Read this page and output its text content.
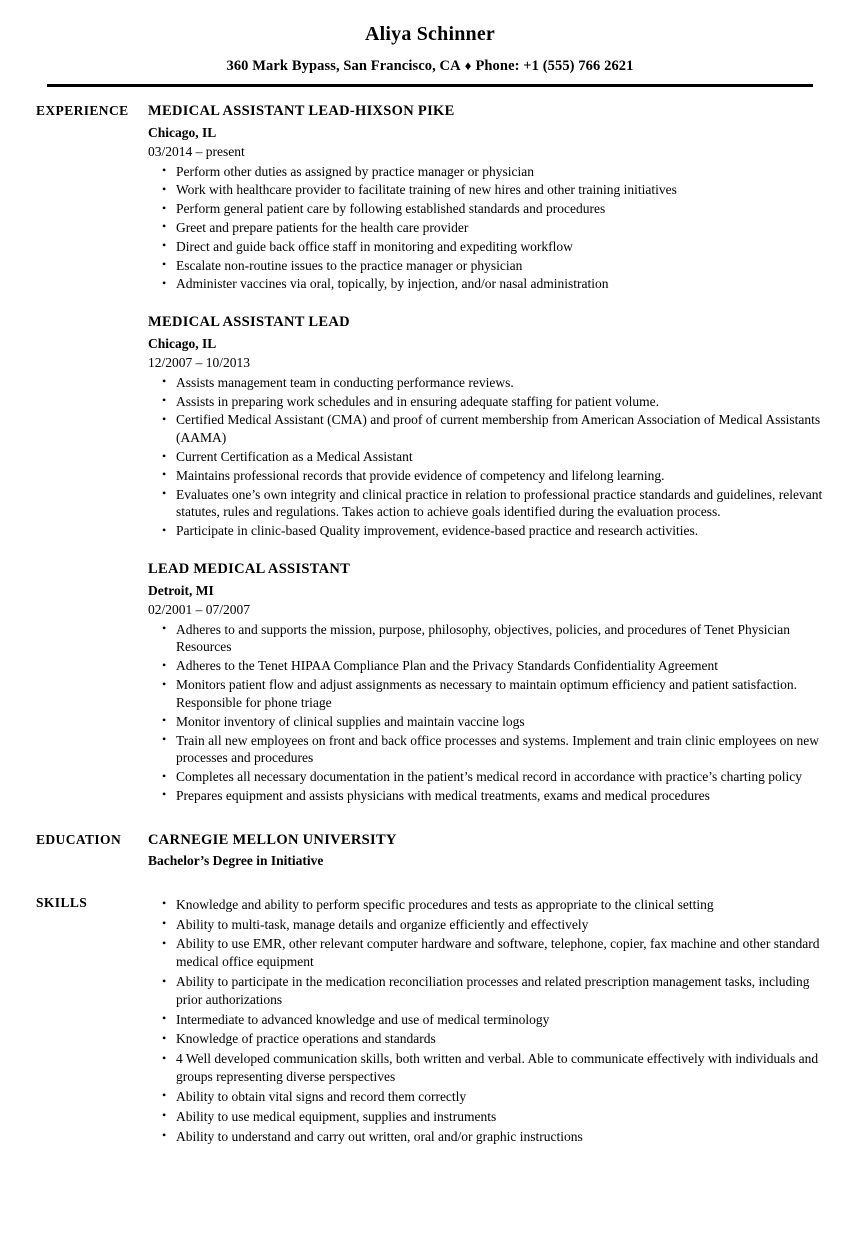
Aliya Schinner
360 Mark Bypass, San Francisco, CA ♦ Phone: +1 (555) 766 2621
EXPERIENCE	MEDICAL ASSISTANT LEAD-HIXSON PIKE
Chicago, IL
03/2014 – present
• Perform other duties as assigned by practice manager or physician
• Work with healthcare provider to facilitate training of new hires and other training initiatives
• Perform general patient care by following established standards and procedures
• Greet and prepare patients for the health care provider
• Direct and guide back office staff in monitoring and expediting workflow
• Escalate non-routine issues to the practice manager or physician
• Administer vaccines via oral, topically, by injection, and/or nasal administration
MEDICAL ASSISTANT LEAD
Chicago, IL
12/2007 – 10/2013
• Assists management team in conducting performance reviews.
• Assists in preparing work schedules and in ensuring adequate staffing for patient volume.
• Certified Medical Assistant (CMA) and proof of current membership from American Association of Medical Assistants (AAMA)
• Current Certification as a Medical Assistant
• Maintains professional records that provide evidence of competency and lifelong learning.
• Evaluates one’s own integrity and clinical practice in relation to professional practice standards and guidelines, relevant statutes, rules and regulations. Takes action to achieve goals identified during the evaluation process.
• Participate in clinic-based Quality improvement, evidence-based practice and research activities.
LEAD MEDICAL ASSISTANT
Detroit, MI
02/2001 – 07/2007
• Adheres to and supports the mission, purpose, philosophy, objectives, policies, and procedures of Tenet Physician Resources
• Adheres to the Tenet HIPAA Compliance Plan and the Privacy Standards Confidentiality Agreement
• Monitors patient flow and adjust assignments as necessary to maintain optimum efficiency and patient satisfaction. Responsible for phone triage
• Monitor inventory of clinical supplies and maintain vaccine logs
• Train all new employees on front and back office processes and systems. Implement and train clinic employees on new processes and procedures
• Completes all necessary documentation in the patient’s medical record in accordance with practice’s charting policy
• Prepares equipment and assists physicians with medical treatments, exams and medical procedures
EDUCATION	CARNEGIE MELLON UNIVERSITY
Bachelor’s Degree in Initiative
SKILLS	• Knowledge and ability to perform specific procedures and tests as appropriate to the clinical setting
• Ability to multi-task, manage details and organize efficiently and effectively
• Ability to use EMR, other relevant computer hardware and software, telephone, copier, fax machine and other standard medical office equipment
• Ability to participate in the medication reconciliation processes and related prescription management tasks, including prior authorizations
• Intermediate to advanced knowledge and use of medical terminology
• Knowledge of practice operations and standards
• 4 Well developed communication skills, both written and verbal. Able to communicate effectively with individuals and groups representing diverse perspectives
• Ability to obtain vital signs and record them correctly
• Ability to use medical equipment, supplies and instruments
• Ability to understand and carry out written, oral and/or graphic instructions
